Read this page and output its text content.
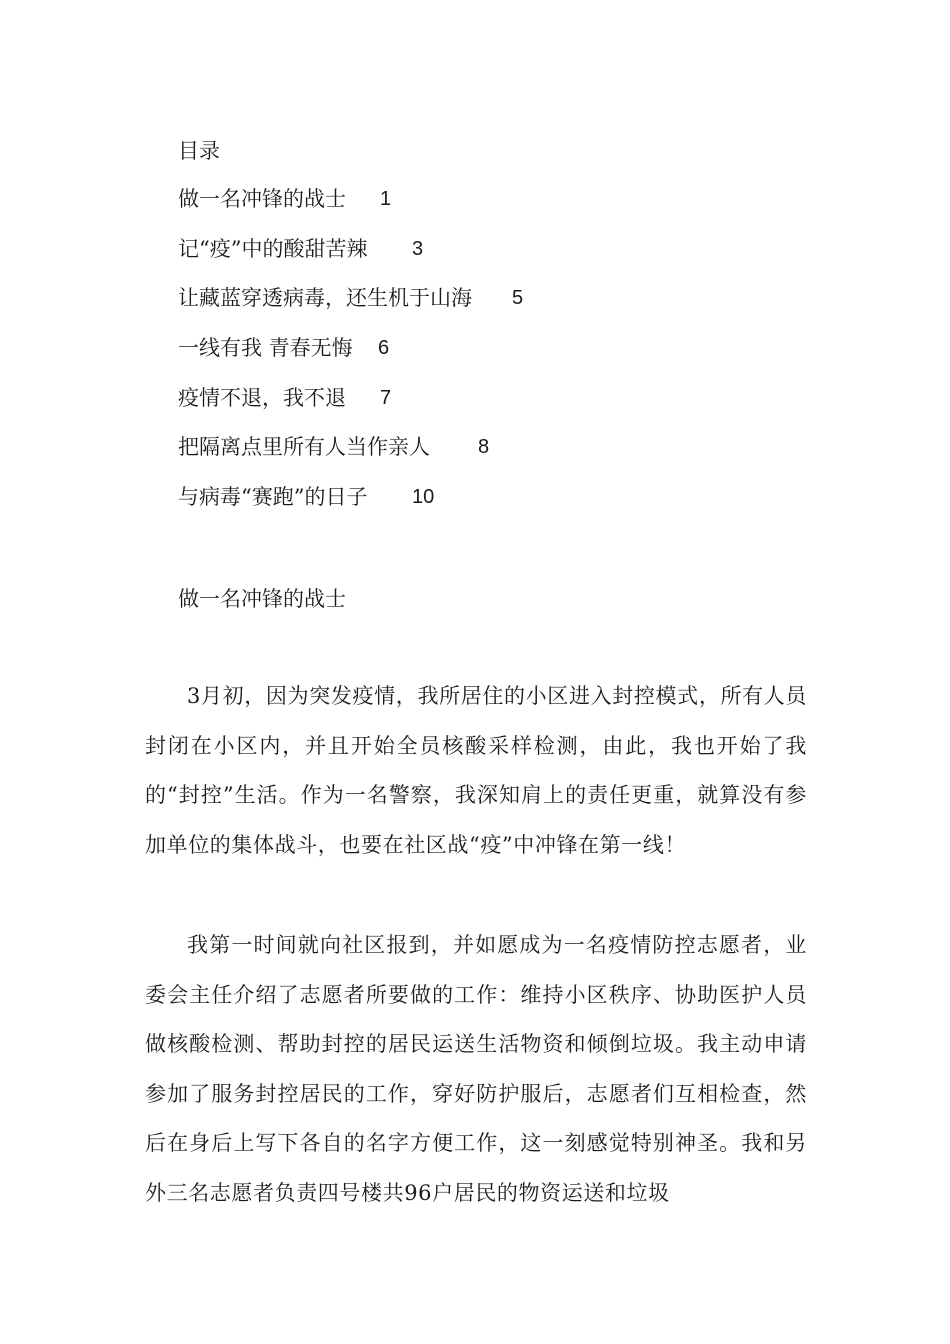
目录
做一名冲锋的战士 1
记“疫”中的酸甜苦辣 3
让藏蓝穿透病毒，还生机于山海 5
一线有我 青春无悔 6
疫情不退，我不退 7
把隔离点里所有人当作亲人 8
与病毒“赛跑”的日子 10
做一名冲锋的战士

3月初，因为突发疫情，我所居住的小区进入封控模式，所有人员封闭在小区内，并且开始全员核酸采样检测，由此，我也开始了我的“封控”生活。作为一名警察，我深知肩上的责任更重，就算没有参加单位的集体战斗，也要在社区战“疫”中冲锋在第一线！

我第一时间就向社区报到，并如愿成为一名疫情防控志愿者，业委会主任介绍了志愿者所要做的工作：维持小区秩序、协助医护人员做核酸检测、帮助封控的居民运送生活物资和倾倒垃圾。我主动申请参加了服务封控居民的工作，穿好防护服后，志愿者们互相检查，然后在身后上写下各自的名字方便工作，这一刻感觉特别神圣。我和另外三名志愿者负责四号楼共96户居民的物资运送和垃圾
